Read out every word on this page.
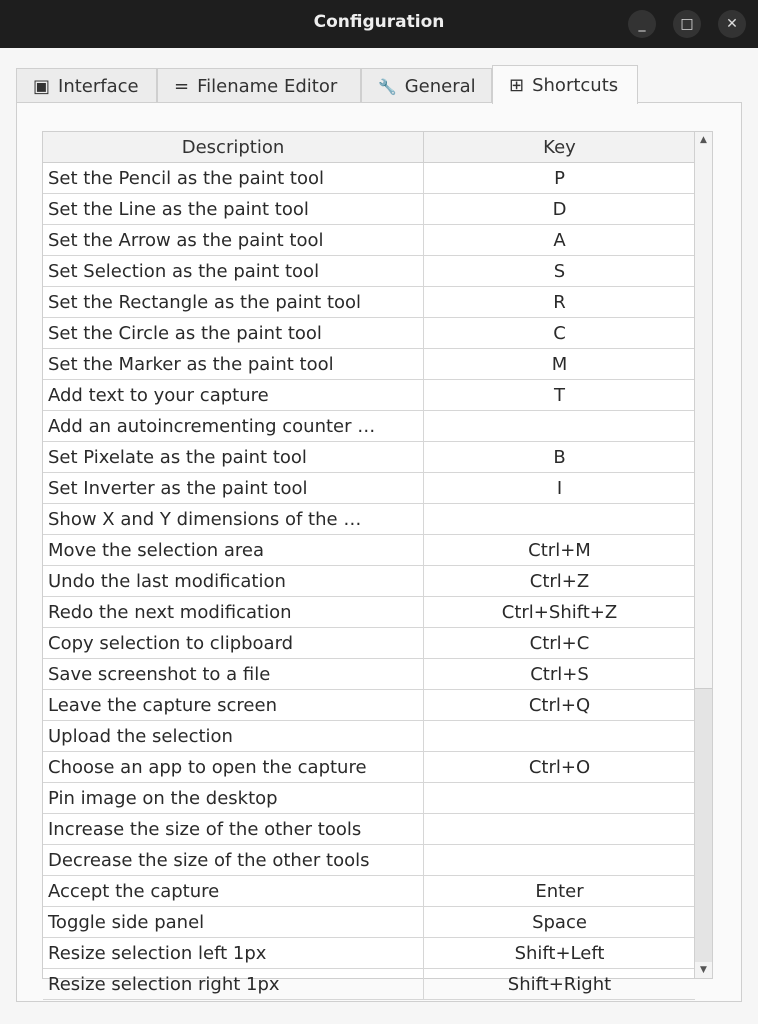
Configuration	_	□	✕
▣ Interface = Filename Editor	🔧 General ⊞ Shortcuts
Description	Key
Set the Pencil as the paint tool	P
Set the Line as the paint tool	D
Set the Arrow as the paint tool	A
Set Selection as the paint tool	S
Set the Rectangle as the paint tool	R
Set the Circle as the paint tool	C
Set the Marker as the paint tool	M
Add text to your capture	T
Add an autoincrementing counter …
Set Pixelate as the paint tool	B
Set Inverter as the paint tool	I
Show X and Y dimensions of the …
Move the selection area	Ctrl+M
Undo the last modification	Ctrl+Z
Redo the next modification	Ctrl+Shift+Z
Copy selection to clipboard	Ctrl+C
Save screenshot to a file	Ctrl+S
Leave the capture screen	Ctrl+Q
Upload the selection
Choose an app to open the capture	Ctrl+O
Pin image on the desktop
Increase the size of the other tools
Decrease the size of the other tools
Accept the capture	Enter
Toggle side panel	Space
Resize selection left 1px	Shift+Left
Resize selection right 1px	Shift+Right
▲
▼
